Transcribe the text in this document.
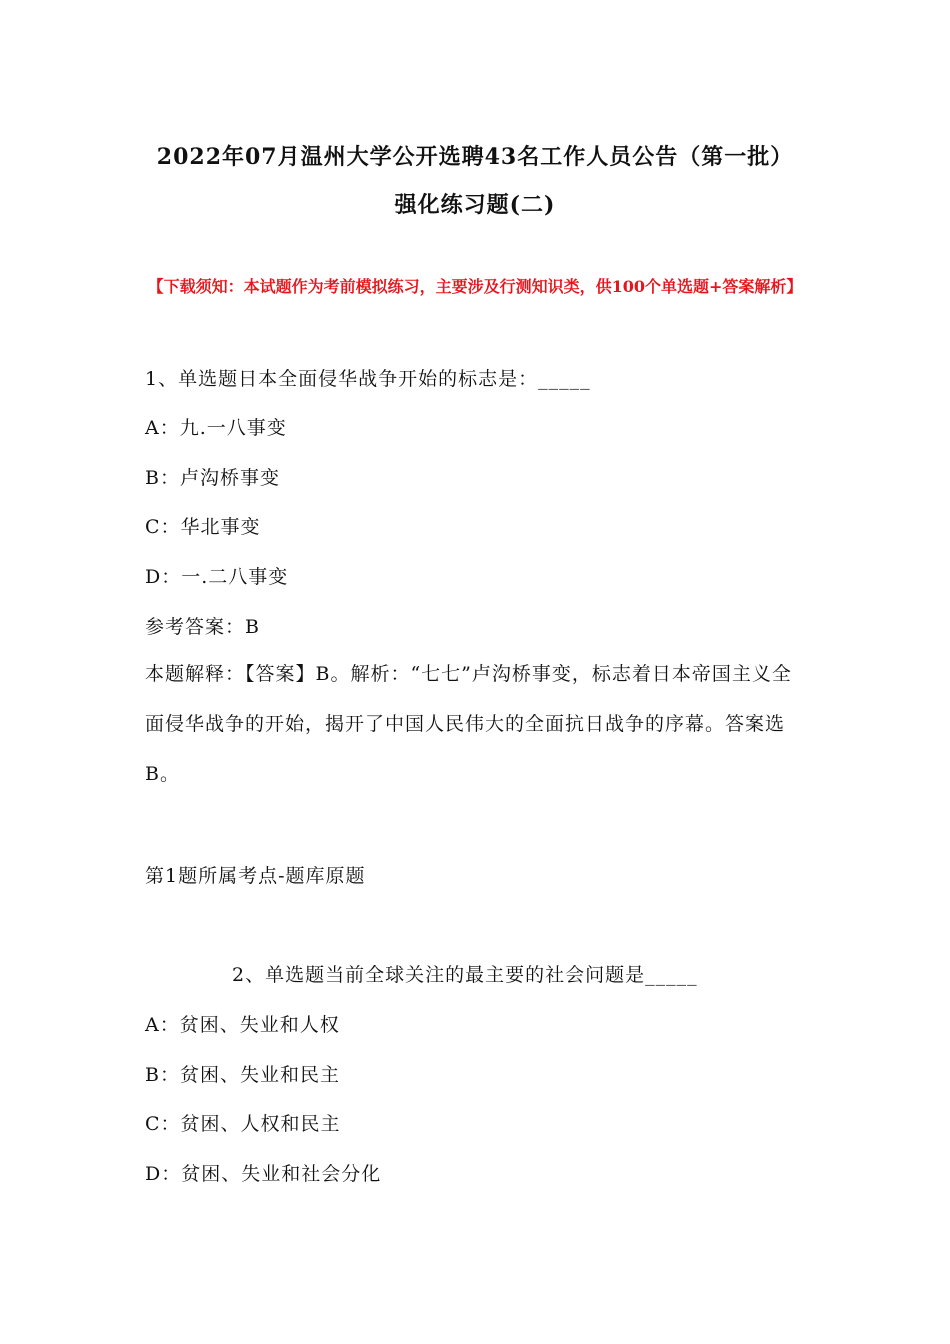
2022年07月温州大学公开选聘43名工作人员公告（第一批）
强化练习题(二)
【下载须知：本试题作为考前模拟练习，主要涉及行测知识类，供100个单选题+答案解析】
1、单选题日本全面侵华战争开始的标志是：_____
A：九.一八事变
B：卢沟桥事变
C：华北事变
D：一.二八事变
参考答案：B
本题解释：【答案】B。解析：“七七”卢沟桥事变，标志着日本帝国主义全面侵华战争的开始，揭开了中国人民伟大的全面抗日战争的序幕。答案选B。
第1题所属考点-题库原题
2、单选题当前全球关注的最主要的社会问题是_____
A：贫困、失业和人权
B：贫困、失业和民主
C：贫困、人权和民主
D：贫困、失业和社会分化
